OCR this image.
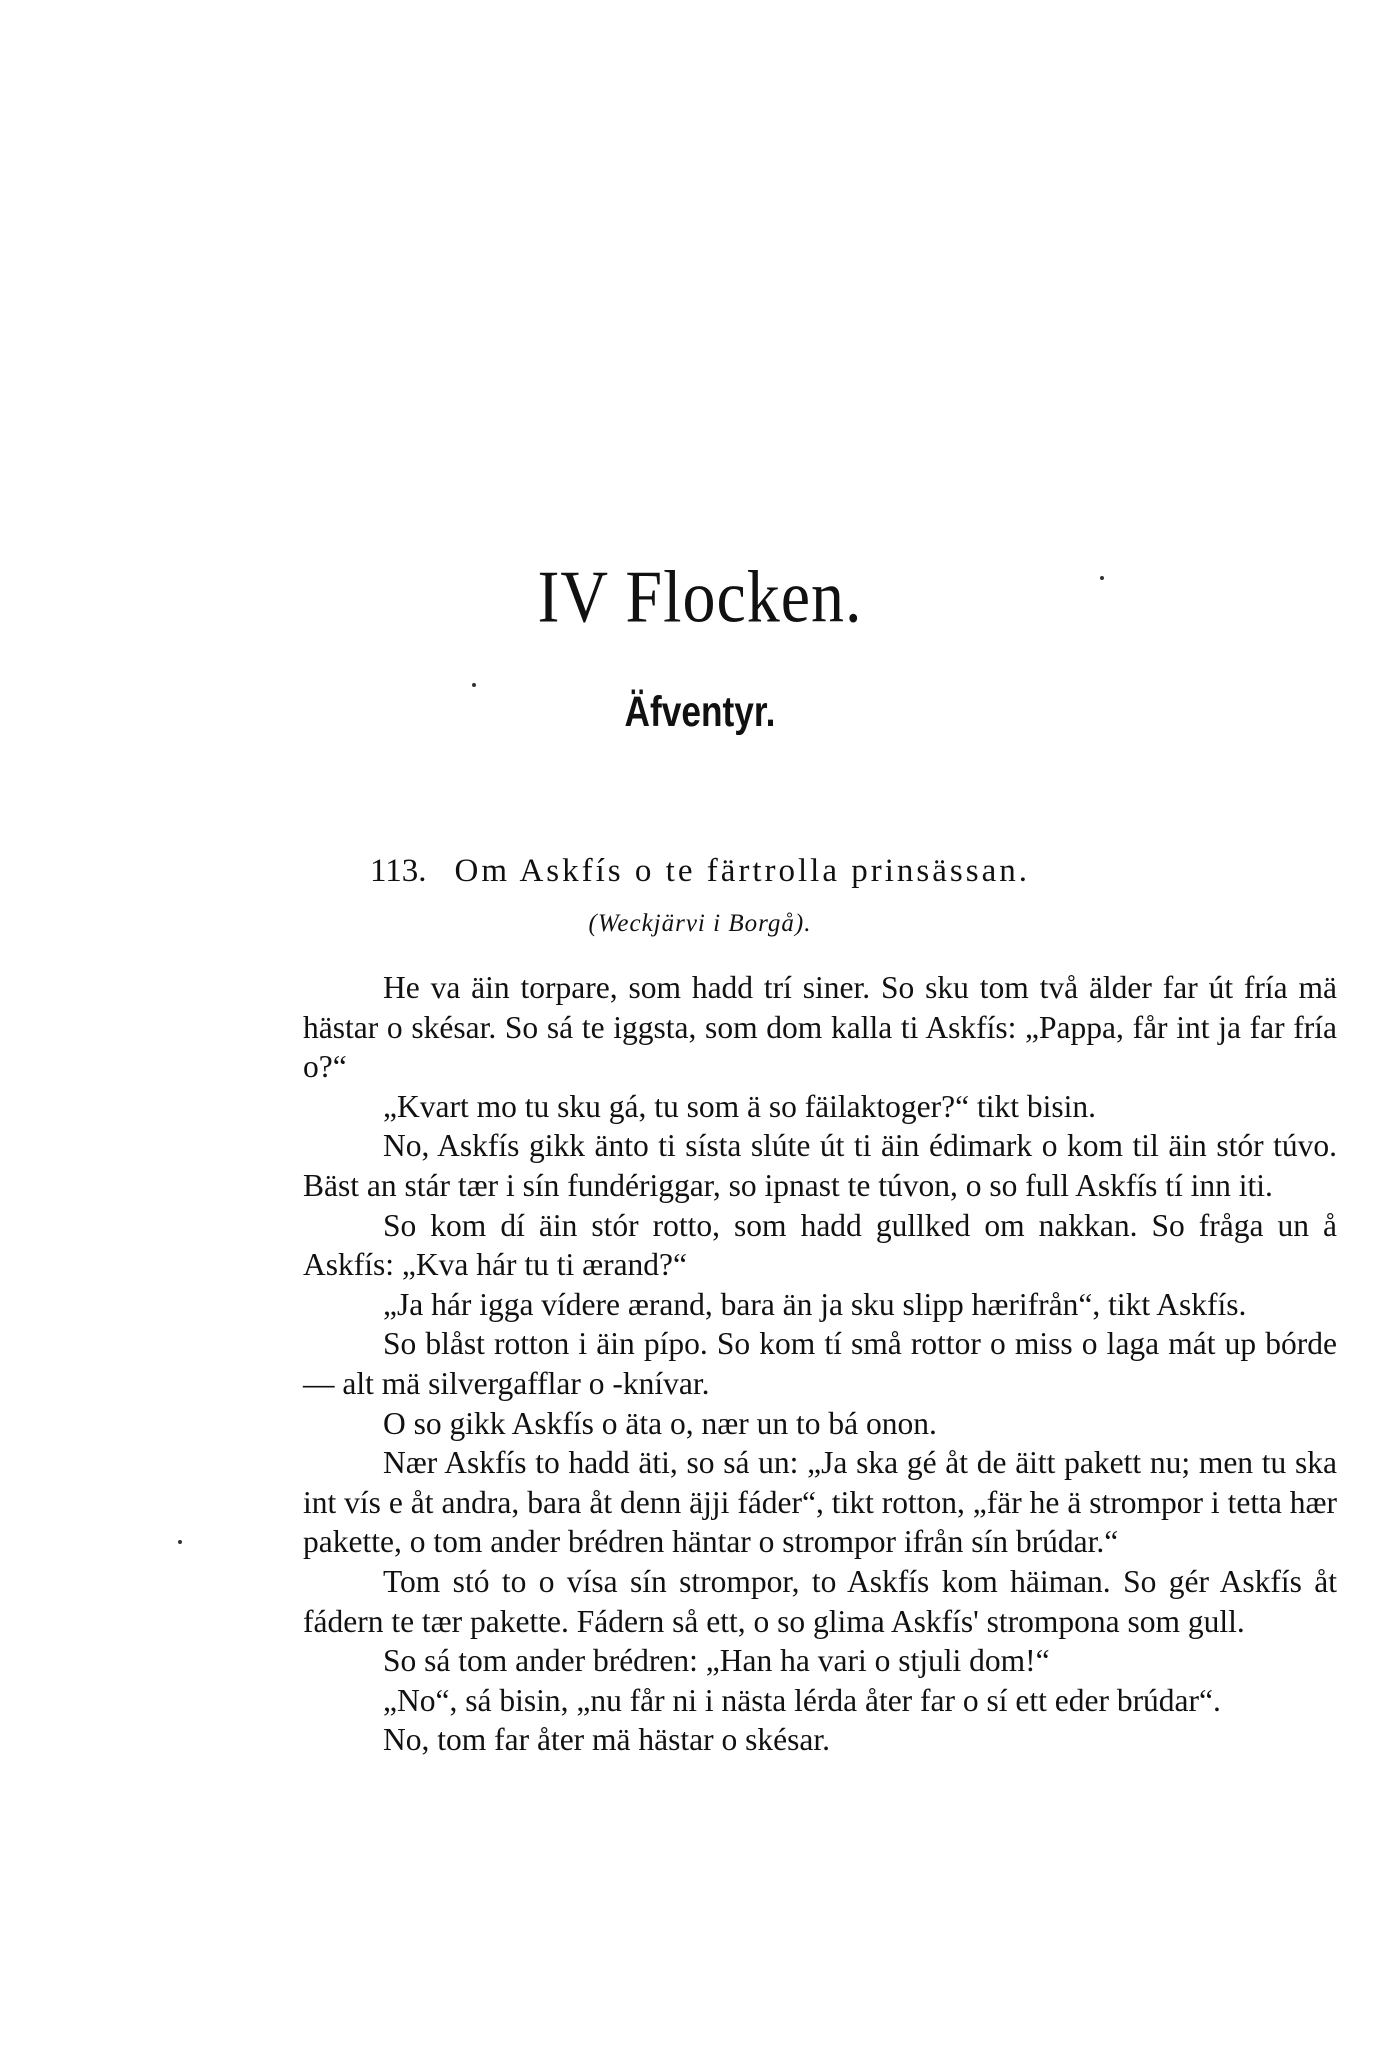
IV Flocken.
Äfventyr.
113. Om Askfís o te färtrolla prinsässan.
(Weckjärvi i Borgå).

He va äin torpare, som hadd trí siner. So sku tom två älder far út fría mä hästar o skésar. So sá te iggsta, som dom kalla ti Askfís: „Pappa, får int ja far fría o?“

„Kvart mo tu sku gá, tu som ä so fäilaktoger?“ tikt bisin.

No, Askfís gikk änto ti sísta slúte út ti äin édimark o kom til äin stór túvo. Bäst an stár tær i sín fundériggar, so ipnast te túvon, o so full Askfís tí inn iti.

So kom dí äin stór rotto, som hadd gullked om nakkan. So fråga un å Askfís: „Kva hár tu ti ærand?“

„Ja hár igga vídere ærand, bara än ja sku slipp hærifrån“, tikt Askfís.

So blåst rotton i äin pípo. So kom tí små rottor o miss o laga mát up bórde — alt mä silvergafflar o -knívar.

O so gikk Askfís o äta o, nær un to bá onon.

Nær Askfís to hadd äti, so sá un: „Ja ska gé åt de äitt pakett nu; men tu ska int vís e åt andra, bara åt denn äjji fáder“, tikt rotton, „fär he ä strompor i tetta hær pakette, o tom ander brédren häntar o strompor ifrån sín brúdar.“

Tom stó to o vísa sín strompor, to Askfís kom häiman. So gér Askfís åt fádern te tær pakette. Fádern så ett, o so glima Askfís' strompona som gull.

So sá tom ander brédren: „Han ha vari o stjuli dom!“

„No“, sá bisin, „nu får ni i nästa lérda åter far o sí ett eder brúdar“.

No, tom far åter mä hästar o skésar.
